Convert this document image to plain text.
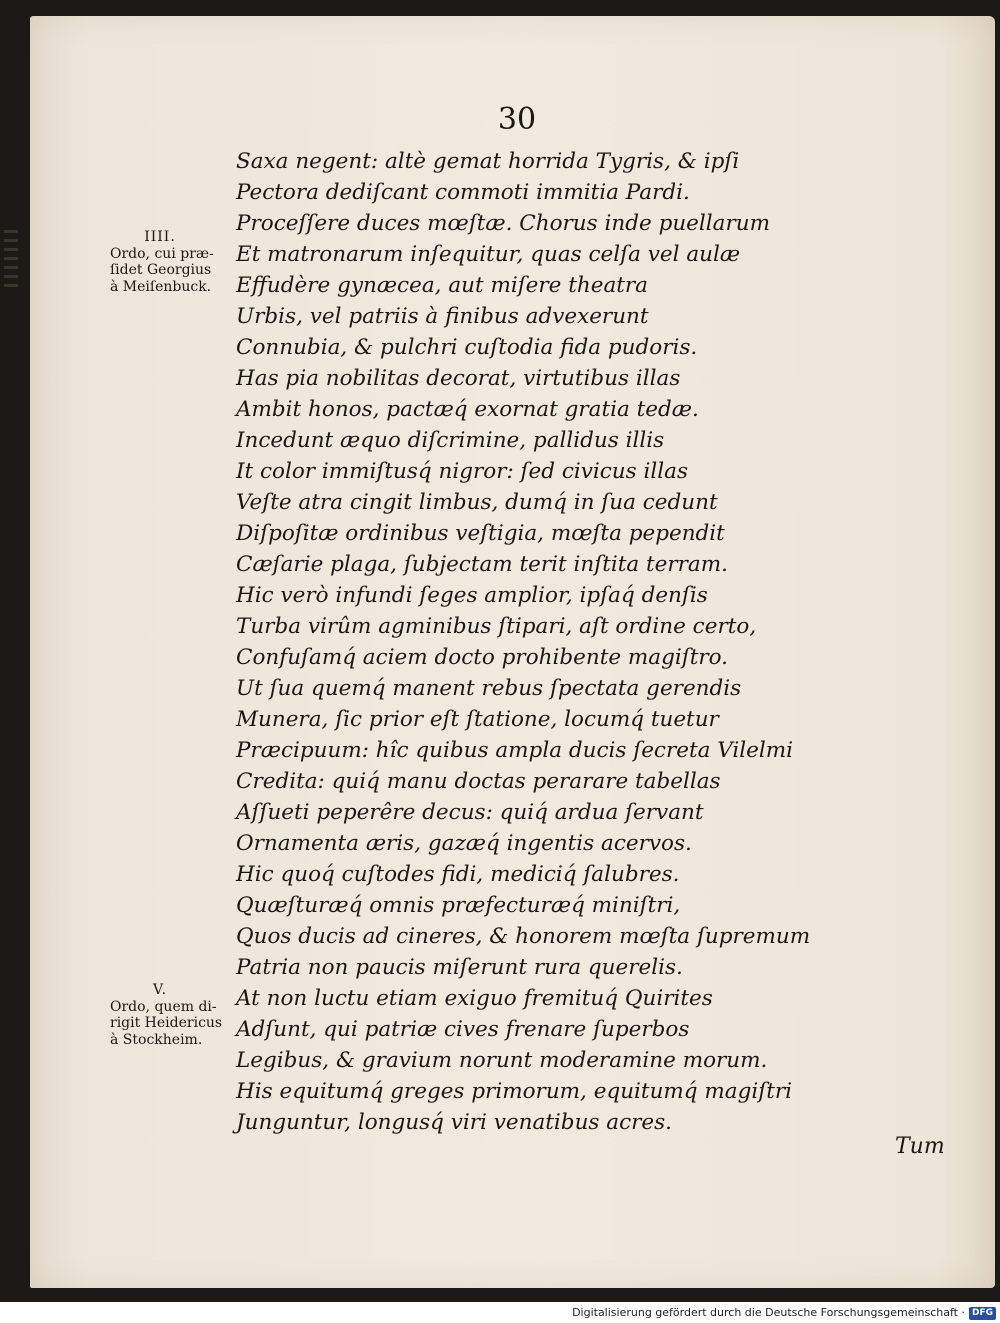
30
IIII.
Ordo, cui præ-
ſidet Georgius
à Meiſenbuck.
V.
Ordo, quem di-
rigit Heidericus
à Stockheim.
Saxa negent: altè gemat horrida Tygris, & ipſi
Pectora dediſcant commoti immitia Pardi.
Proceſſere duces mœſtæ. Chorus inde puellarum
Et matronarum inſequitur, quas celſa vel aulæ
Effudère gynæcea, aut miſere theatra
Urbis, vel patriis à finibus advexerunt
Connubia, & pulchri cuſtodia fida pudoris.
Has pia nobilitas decorat, virtutibus illas
Ambit honos, pactæq́ exornat gratia tedæ.
Incedunt æquo diſcrimine, pallidus illis
It color immiſtusq́ nigror: ſed civicus illas
Veſte atra cingit limbus, dumq́ in ſua cedunt
Diſpoſitæ ordinibus veſtigia, mœſta pependit
Cæſarie plaga, ſubjectam terit inſtita terram.
Hic verò infundi ſeges amplior, ipſaq́ denſis
Turba virûm agminibus ſtipari, aſt ordine certo,
Confuſamq́ aciem docto prohibente magiſtro.
Ut ſua quemq́ manent rebus ſpectata gerendis
Munera, ſic prior eſt ſtatione, locumq́ tuetur
Præcipuum: hîc quibus ampla ducis ſecreta Vilelmi
Credita: quiq́ manu doctas perarare tabellas
Aſſueti peperêre decus: quiq́ ardua ſervant
Ornamenta æris, gazæq́ ingentis acervos.
Hic quoq́ cuſtodes fidi, mediciq́ ſalubres.
Quæſturæq́ omnis præfecturæq́ miniſtri,
Quos ducis ad cineres, & honorem mœſta ſupremum
Patria non paucis miſerunt rura querelis.
At non luctu etiam exiguo fremituq́ Quirites
Adſunt, qui patriæ cives frenare ſuperbos
Legibus, & gravium norunt moderamine morum.
His equitumq́ greges primorum, equitumq́ magiſtri
Junguntur, longusq́ viri venatibus acres.
Tum
Digitalisierung gefördert durch die Deutsche Forschungsgemeinschaft · DFG
